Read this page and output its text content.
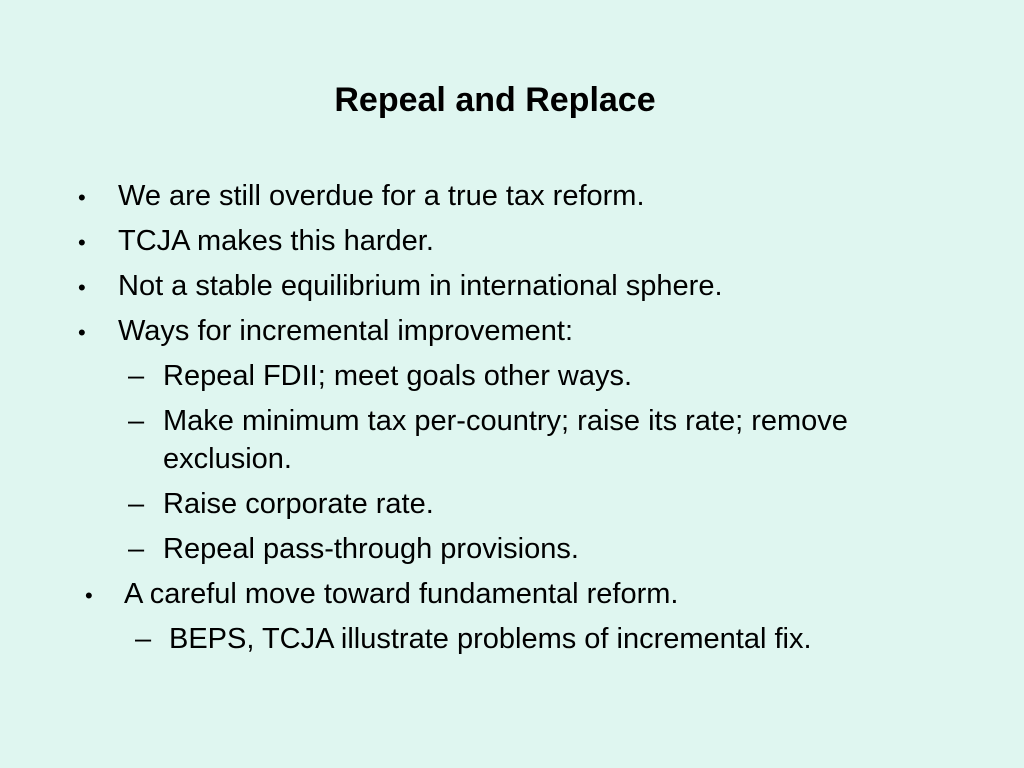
Repeal and Replace
• We are still overdue for a true tax reform.
• TCJA makes this harder.
• Not a stable equilibrium in international sphere.
• Ways for incremental improvement:
– Repeal FDII; meet goals other ways.
– Make minimum tax per-country; raise its rate; remove exclusion.
– Raise corporate rate.
– Repeal pass-through provisions.
• A careful move toward fundamental reform.
– BEPS, TCJA illustrate problems of incremental fix.
